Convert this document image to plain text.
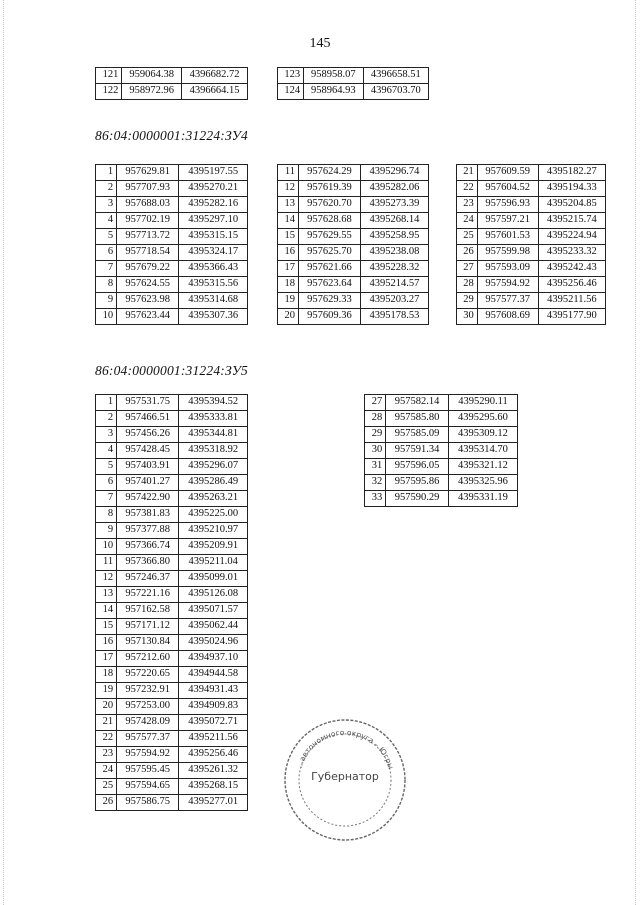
145
121	959064.38	4396682.72
122	958972.96	4396664.15
123	958958.07	4396658.51
124	958964.93	4396703.70
86:04:0000001:31224:ЗУ4
1	957629.81	4395197.55
2	957707.93	4395270.21
3	957688.03	4395282.16
4	957702.19	4395297.10
5	957713.72	4395315.15
6	957718.54	4395324.17
7	957679.22	4395366.43
8	957624.55	4395315.56
9	957623.98	4395314.68
10	957623.44	4395307.36
11	957624.29	4395296.74
12	957619.39	4395282.06
13	957620.70	4395273.39
14	957628.68	4395268.14
15	957629.55	4395258.95
16	957625.70	4395238.08
17	957621.66	4395228.32
18	957623.64	4395214.57
19	957629.33	4395203.27
20	957609.36	4395178.53
21	957609.59	4395182.27
22	957604.52	4395194.33
23	957596.93	4395204.85
24	957597.21	4395215.74
25	957601.53	4395224.94
26	957599.98	4395233.32
27	957593.09	4395242.43
28	957594.92	4395256.46
29	957577.37	4395211.56
30	957608.69	4395177.90
86:04:0000001:31224:ЗУ5
1	957531.75	4395394.52
2	957466.51	4395333.81
3	957456.26	4395344.81
4	957428.45	4395318.92
5	957403.91	4395296.07
6	957401.27	4395286.49
7	957422.90	4395263.21
8	957381.83	4395225.00
9	957377.88	4395210.97
10	957366.74	4395209.91
11	957366.80	4395211.04
12	957246.37	4395099.01
13	957221.16	4395126.08
14	957162.58	4395071.57
15	957171.12	4395062.44
16	957130.84	4395024.96
17	957212.60	4394937.10
18	957220.65	4394944.58
19	957232.91	4394931.43
20	957253.00	4394909.83
21	957428.09	4395072.71
22	957577.37	4395211.56
23	957594.92	4395256.46
24	957595.45	4395261.32
25	957594.65	4395268.15
26	957586.75	4395277.01
27	957582.14	4395290.11
28	957585.80	4395295.60
29	957585.09	4395309.12
30	957591.34	4395314.70
31	957596.05	4395321.12
32	957595.86	4395325.96
33	957590.29	4395331.19
…автономного округа – Югры
Губернатор
